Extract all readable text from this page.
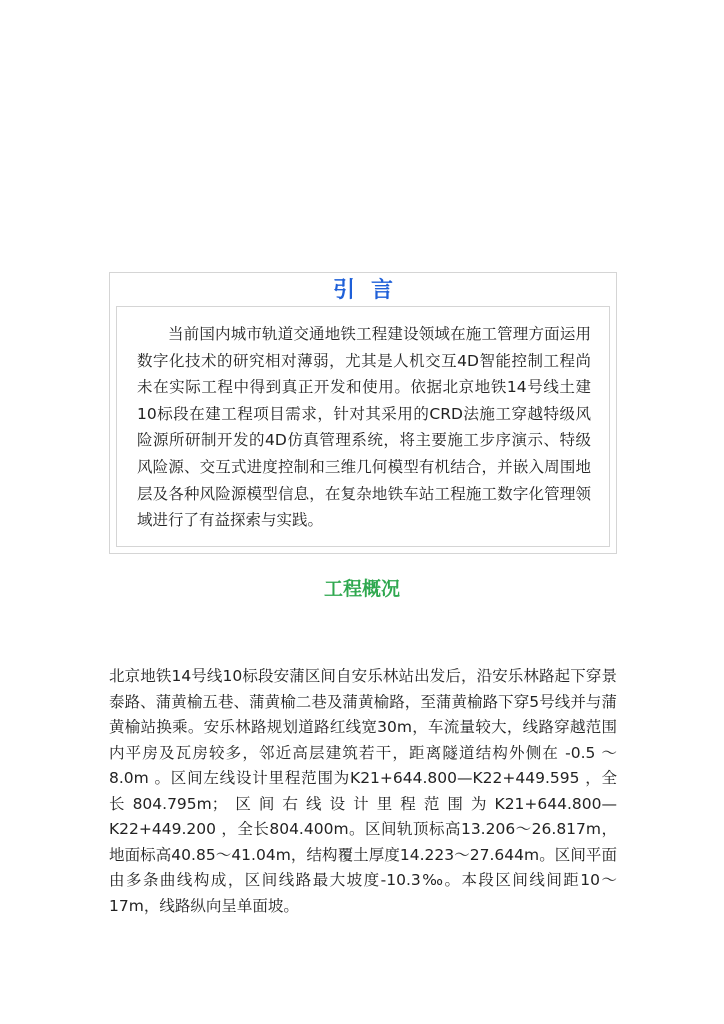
引言

当前国内城市轨道交通地铁工程建设领域在施工管理方面运用数字化技术的研究相对薄弱，尤其是人机交互4D智能控制工程尚未在实际工程中得到真正开发和使用。依据北京地铁14号线土建10标段在建工程项目需求，针对其采用的CRD法施工穿越特级风险源所研制开发的4D仿真管理系统，将主要施工步序演示、特级风险源、交互式进度控制和三维几何模型有机结合，并嵌入周围地层及各种风险源模型信息，在复杂地铁车站工程施工数字化管理领域进行了有益探索与实践。

工程概况

北京地铁14号线10标段安蒲区间自安乐林站出发后，沿安乐林路起下穿景泰路、蒲黄榆五巷、蒲黄榆二巷及蒲黄榆路，至蒲黄榆路下穿5号线并与蒲黄榆站换乘。安乐林路规划道路红线宽30m，车流量较大，线路穿越范围内平房及瓦房较多，邻近高层建筑若干，距离隧道结构外侧在 -0.5 ～ 8.0m 。区间左线设计里程范围为K21+644.800—K22+449.595 ，全长804.795m；区间右线设计里程范围为K21+644.800—K22+449.200 ，全长804.400m。区间轨顶标高13.206～26.817m，地面标高40.85～41.04m，结构覆土厚度14.223～27.644m。区间平面由多条曲线构成，区间线路最大坡度-10.3‰。本段区间线间距10～17m，线路纵向呈单面坡。
